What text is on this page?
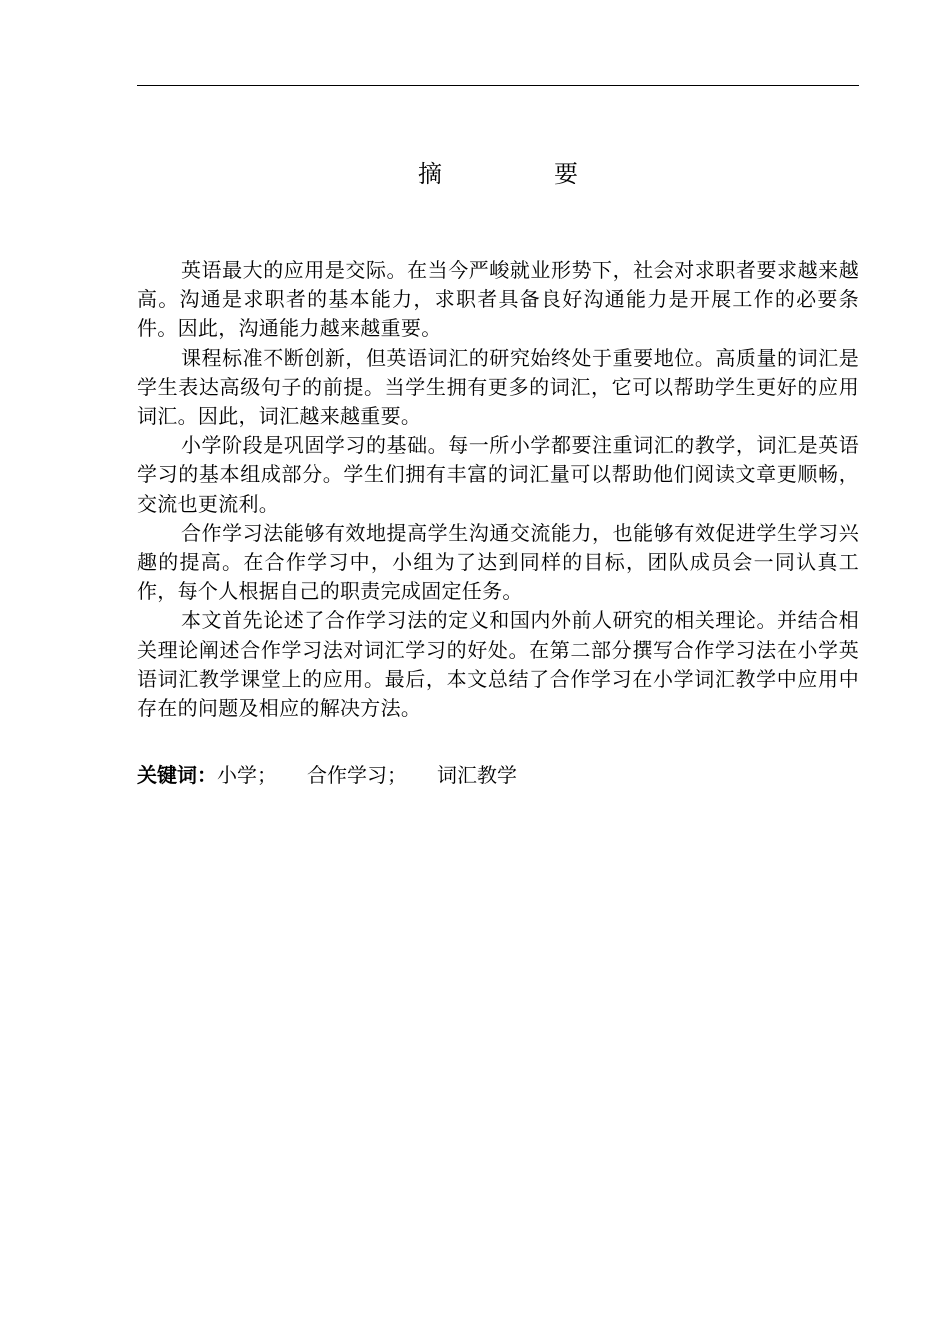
摘　要

英语最大的应用是交际。在当今严峻就业形势下，社会对求职者要求越来越高。沟通是求职者的基本能力，求职者具备良好沟通能力是开展工作的必要条件。因此，沟通能力越来越重要。

课程标准不断创新，但英语词汇的研究始终处于重要地位。高质量的词汇是学生表达高级句子的前提。当学生拥有更多的词汇，它可以帮助学生更好的应用词汇。因此，词汇越来越重要。

小学阶段是巩固学习的基础。每一所小学都要注重词汇的教学，词汇是英语学习的基本组成部分。学生们拥有丰富的词汇量可以帮助他们阅读文章更顺畅，交流也更流利。

合作学习法能够有效地提高学生沟通交流能力，也能够有效促进学生学习兴趣的提高。在合作学习中，小组为了达到同样的目标，团队成员会一同认真工作，每个人根据自己的职责完成固定任务。

本文首先论述了合作学习法的定义和国内外前人研究的相关理论。并结合相关理论阐述合作学习法对词汇学习的好处。在第二部分撰写合作学习法在小学英语词汇教学课堂上的应用。最后，本文总结了合作学习在小学词汇教学中应用中存在的问题及相应的解决方法。

关键词：小学； 合作学习； 词汇教学
